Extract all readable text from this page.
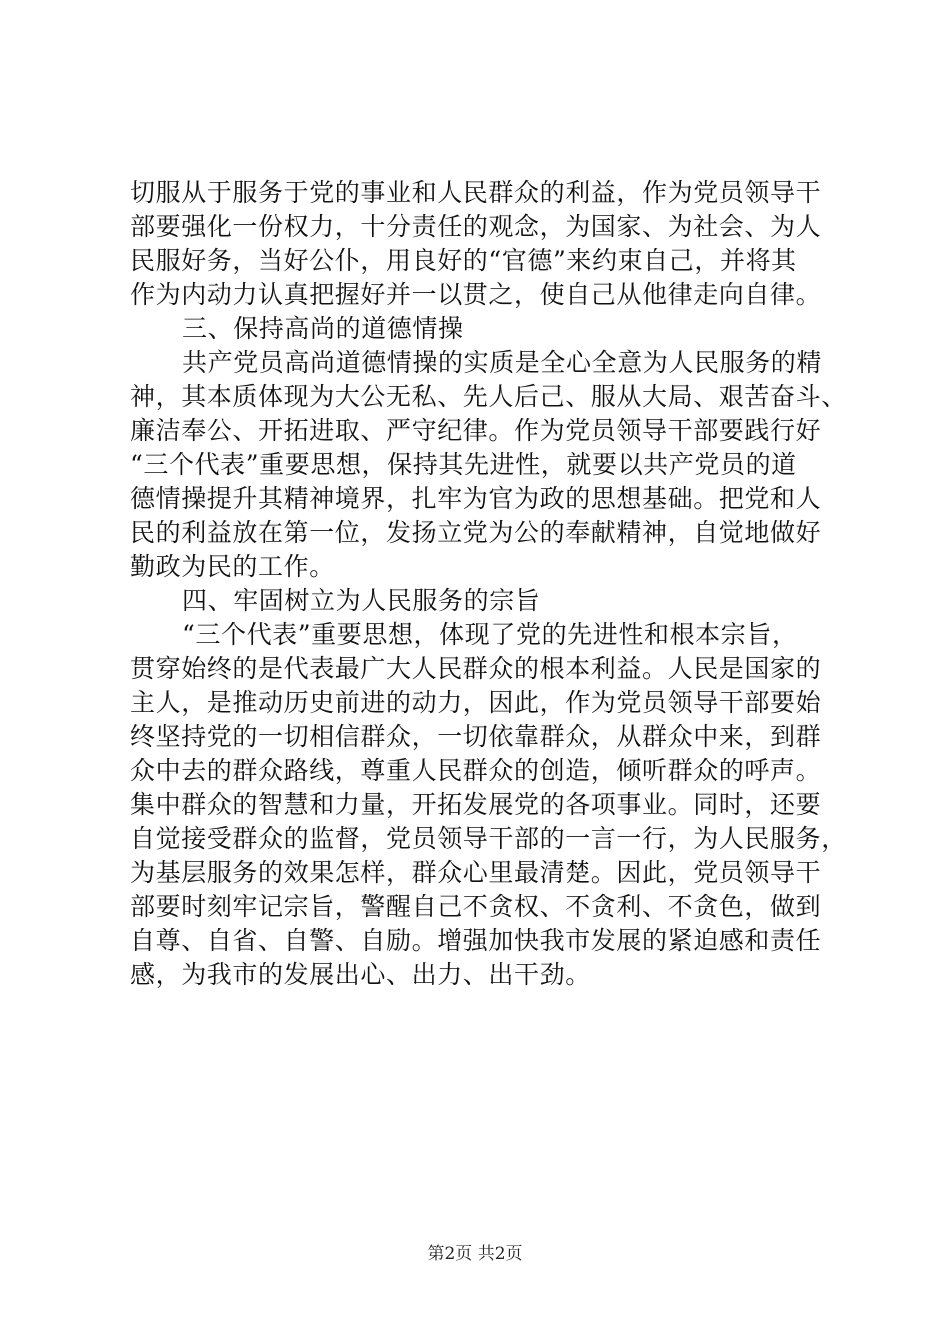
切服从于服务于党的事业和人民群众的利益，作为党员领导干
部要强化一份权力，十分责任的观念，为国家、为社会、为人
民服好务，当好公仆，用良好的“官德”来约束自己，并将其
作为内动力认真把握好并一以贯之，使自己从他律走向自律。
三、保持高尚的道德情操
共产党员高尚道德情操的实质是全心全意为人民服务的精
神，其本质体现为大公无私、先人后己、服从大局、艰苦奋斗、
廉洁奉公、开拓进取、严守纪律。作为党员领导干部要践行好
“三个代表”重要思想，保持其先进性，就要以共产党员的道
德情操提升其精神境界，扎牢为官为政的思想基础。把党和人
民的利益放在第一位，发扬立党为公的奉献精神，自觉地做好
勤政为民的工作。
四、牢固树立为人民服务的宗旨
“三个代表”重要思想，体现了党的先进性和根本宗旨，
贯穿始终的是代表最广大人民群众的根本利益。人民是国家的
主人，是推动历史前进的动力，因此，作为党员领导干部要始
终坚持党的一切相信群众，一切依靠群众，从群众中来，到群
众中去的群众路线，尊重人民群众的创造，倾听群众的呼声。
集中群众的智慧和力量，开拓发展党的各项事业。同时，还要
自觉接受群众的监督，党员领导干部的一言一行，为人民服务，
为基层服务的效果怎样，群众心里最清楚。因此，党员领导干
部要时刻牢记宗旨，警醒自己不贪权、不贪利、不贪色，做到
自尊、自省、自警、自励。增强加快我市发展的紧迫感和责任
感，为我市的发展出心、出力、出干劲。
第2页 共2页
